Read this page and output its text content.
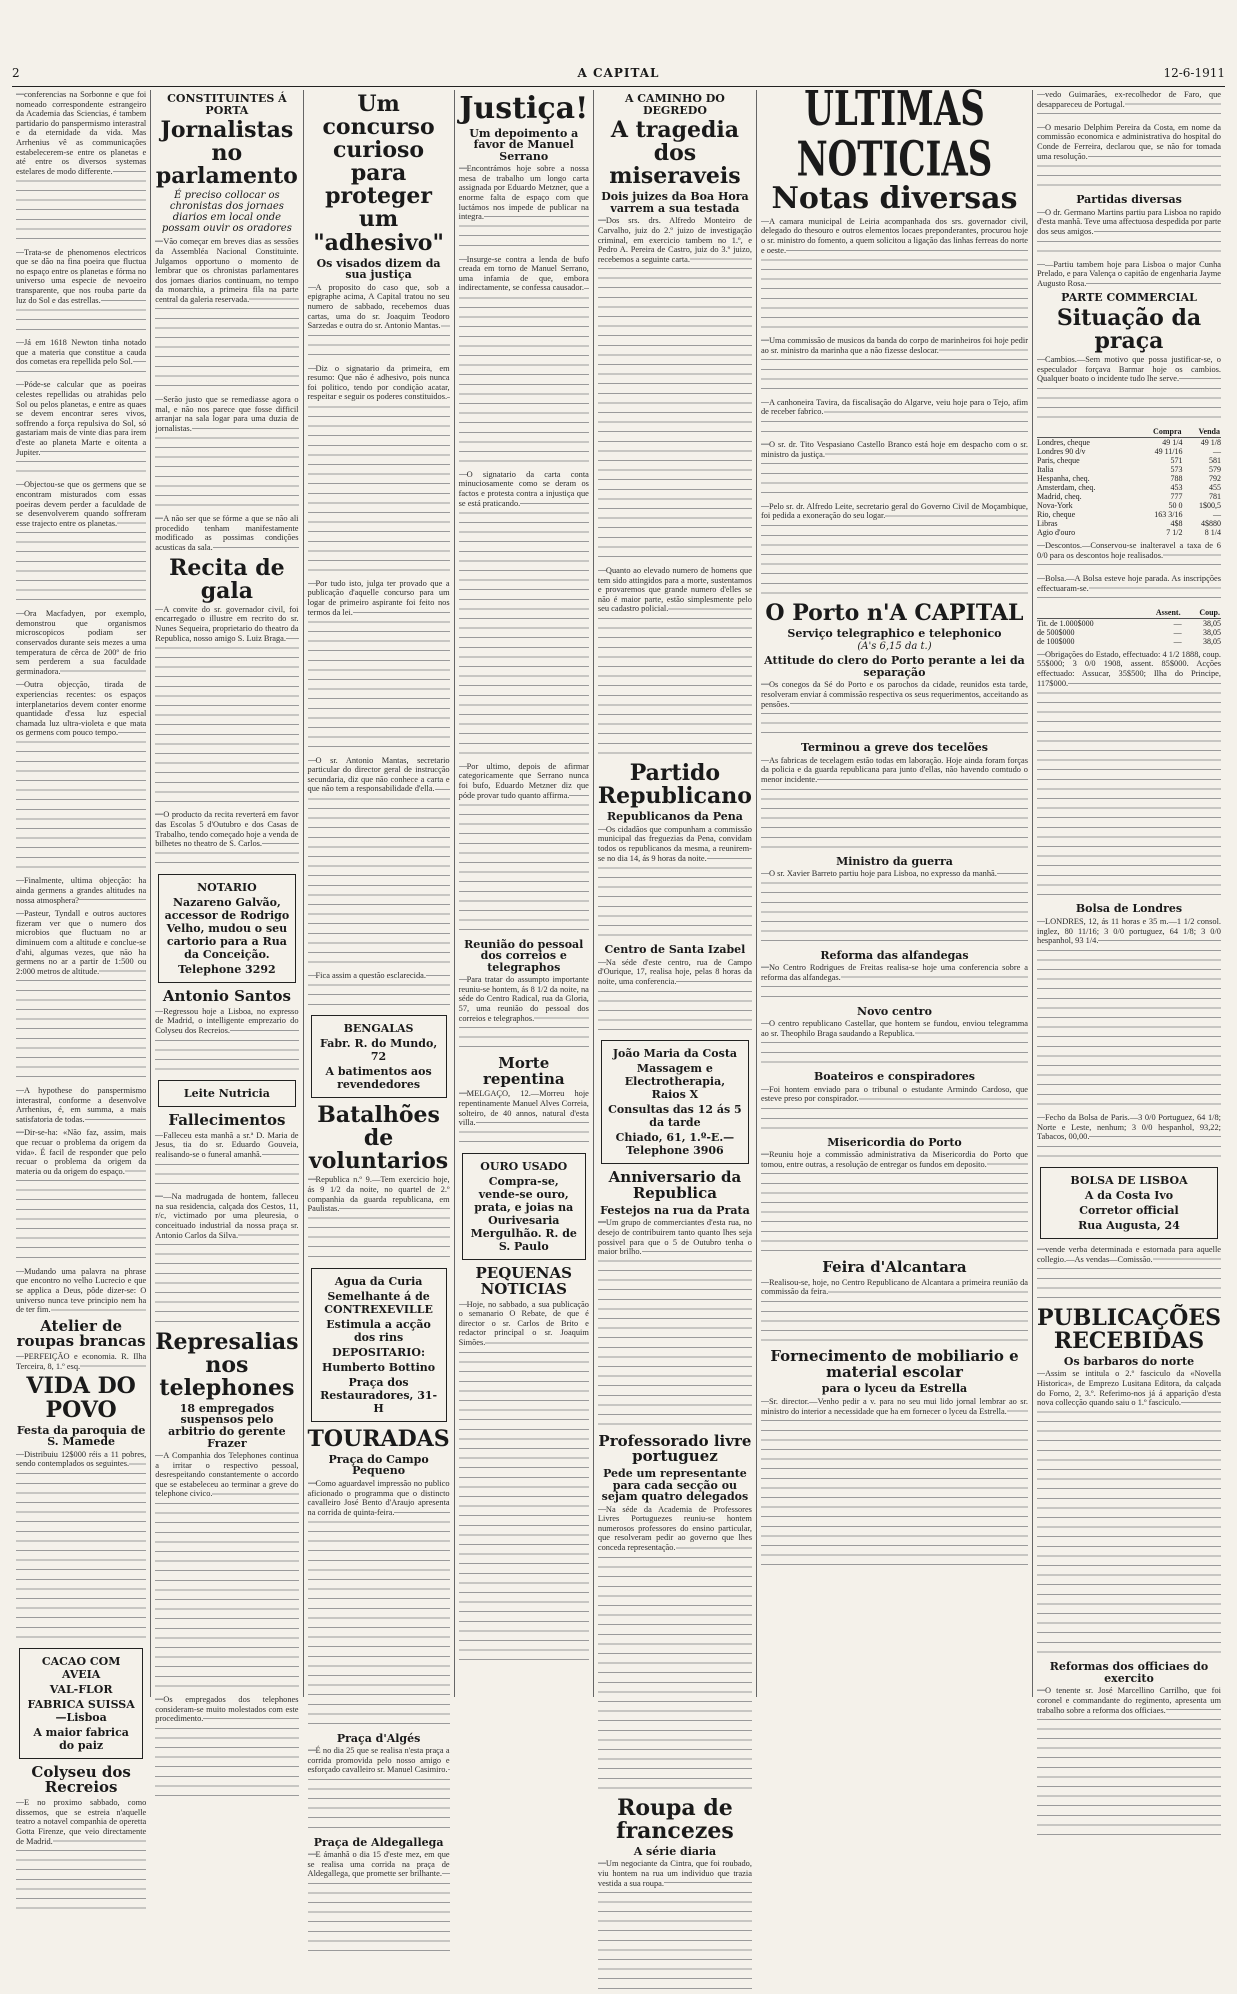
2	A CAPITAL	12-6-1911
conferencias na Sorbonne e que foi nomeado correspondente estrangeiro da Academia das Sciencias, é tambem partidario do panspermismo interastral e da eternidade da vida. Mas Arrhenius vê as communicações estabelecerem-se entre os planetas e até entre os diversos systemas estelares de modo differente.
Trata-se de phenomenos electricos que se dão na fina poeira que fluctua no espaço entre os planetas e fórma no universo uma especie de nevoeiro transparente, que nos rouba parte da luz do Sol e das estrellas.
Já em 1618 Newton tinha notado que a materia que constitue a cauda dos cometas era repellida pelo Sol.
Póde-se calcular que as poeiras celestes repellidas ou atrahidas pelo Sol ou pelos planetas, e entre as quaes se devem encontrar seres vivos, soffrendo a força repulsiva do Sol, só gastariam mais de vinte dias para irem d'este ao planeta Marte e oitenta a Jupiter.
Objectou-se que os germens que se encontram misturados com essas poeiras devem perder a faculdade de se desenvolverem quando soffreram esse trajecto entre os planetas.
Ora Macfadyen, por exemplo, demonstrou que organismos microscopicos podiam ser conservados durante seis mezes a uma temperatura de cêrca de 200º de frio sem perderem a sua faculdade germinadora.
Outra objecção, tirada de experiencias recentes: os espaços interplanetarios devem conter enorme quantidade d'essa luz especial chamada luz ultra-violeta e que mata os germens com pouco tempo.
Finalmente, ultima objecção: ha ainda germens a grandes altitudes na nossa atmosphera?
Pasteur, Tyndall e outros auctores fizeram ver que o numero dos microbios que fluctuam no ar diminuem com a altitude e conclue-se d'ahi, algumas vezes, que não ha germens no ar a partir de 1:500 ou 2:000 metros de altitude.
A hypothese do panspermismo interastral, conforme a desenvolve Arrhenius, é, em summa, a mais satisfatoria de todas.
Dir-se-ha: «Não faz, assim, mais que recuar o problema da origem da vida». É facil de responder que pelo recuar o problema da origem da materia ou da origem do espaço.
Mudando uma palavra na phrase que encontro no velho Lucrecio e que se applica a Deus, pôde dizer-se: O universo nunca teve principio nem ha de ter fim.
Atelier de roupas brancas
PERFEIÇÃO e economia. R. Ilha Terceira, 8, 1.º esq.
VIDA DO POVO
Festa da paroquia de S. Mamede
Distribuiu 12$000 réis a 11 pobres, sendo contemplados os seguintes.
CACAO COM AVEIA
VAL-FLOR
FABRICA SUISSA—Lisboa
A maior fabrica do paiz
Colyseu dos Recreios
E no proximo sabbado, como dissemos, que se estreia n'aquelle teatro a notavel companhia de operetta Gotta Firenze, que veio directamente de Madrid.
CONSTITUINTES Á PORTA
Jornalistas no parlamento
É preciso collocar os chronistas dos jornaes diarios em local onde possam ouvir os oradores
Vão começar em breves dias as sessões da Assembléa Nacional Constituinte. Julgamos opportuno o momento de lembrar que os chronistas parlamentares dos jornaes diarios continuam, no tempo da monarchia, a primeira fila na parte central da galeria reservada.
Serão justo que se remediasse agora o mal, e não nos parece que fosse difficil arranjar na sala logar para uma duzia de jornalistas.
A não ser que se fórme a que se não ali procedido tenham manifestamente modificado as possimas condições acusticas da sala.
Recita de gala
A convite do sr. governador civil, foi encarregado o illustre em recrito do sr. Nunes Sequeira, proprietario do theatro da Republica, nosso amigo S. Luiz Braga.
O producto da recita reverterá em favor das Escolas 5 d'Outubro e dos Casas de Trabalho, tendo começado hoje a venda de bilhetes no theatro de S. Carlos.
NOTARIO
Nazareno Galvão, accessor de Rodrigo Velho, mudou o seu cartorio para a Rua da Conceição.
Telephone 3292
Antonio Santos
Regressou hoje a Lisboa, no expresso de Madrid, o intelligente emprezario do Colyseu dos Recreios.
Leite Nutricia
Fallecimentos
Falleceu esta manhã a sr.ª D. Maria de Jesus, tia do sr. Eduardo Gouveia, realisando-se o funeral amanhã.
—Na madrugada de hontem, falleceu na sua residencia, calçada dos Cestos, 11, r/c, victimado por uma pleuresia, o conceituado industrial da nossa praça sr. Antonio Carlos da Silva.
Represalias nos telephones
18 empregados suspensos pelo arbitrio do gerente Frazer
A Companhia dos Telephones continua a irritar o respectivo pessoal, desrespeitando constantemente o accordo que se estabeleceu ao terminar a greve do telephone civico.
Os empregados dos telephones consideram-se muito molestados com este procedimento.
Um concurso curioso para proteger um "adhesivo"
Os visados dizem da sua justiça
A proposito do caso que, sob a epigraphe acima, A Capital tratou no seu numero de sabbado, recebemos duas cartas, uma do sr. Joaquim Teodoro Sarzedas e outra do sr. Antonio Mantas.
Diz o signatario da primeira, em resumo: Que não é adhesivo, pois nunca foi politico, tendo por condição acatar, respeitar e seguir os poderes constituidos.
Por tudo isto, julga ter provado que a publicação d'aquelle concurso para um logar de primeiro aspirante foi feito nos termos da lei.
O sr. Antonio Mantas, secretario particular do director geral de instrucção secundaria, diz que não conhece a carta e que não tem a responsabilidade d'ella.
Fica assim a questão esclarecida.
BENGALAS
Fabr. R. do Mundo, 72
A batimentos aos revendedores
Batalhões de voluntarios
Republica n.º 9.—Tem exercicio hoje, ás 9 1/2 da noite, no quartel de 2.º companhia da guarda republicana, em Paulistas.
Agua da Curia
Semelhante á de CONTREXEVILLE
Estimula a acção dos rins
DEPOSITARIO:
Humberto Bottino
Praça dos Restauradores, 31-H
TOURADAS
Praça do Campo Pequeno
Como aguardavel impressão no publico aficionado o programma que o distincto cavalleiro José Bento d'Araujo apresenta na corrida de quinta-feira.
Praça d'Algés
É no dia 25 que se realisa n'esta praça a corrida promovida pelo nosso amigo e esforçado cavalleiro sr. Manuel Casimiro.
Praça de Aldegallega
E ámanhã o dia 15 d'este mez, em que se realisa uma corrida na praça de Aldegallega, que promette ser brilhante.
Justiça!
Um depoimento a favor de Manuel Serrano
Encontrámos hoje sobre a nossa mesa de trabalho um longo carta assignada por Eduardo Metzner, que a enorme falta de espaço com que luctámos nos impede de publicar na integra.
Insurge-se contra a lenda de bufo creada em torno de Manuel Serrano, uma infamia de que, embora indirectamente, se confessa causador.
O signatario da carta conta minuciosamente como se deram os factos e protesta contra a injustiça que se está praticando.
Por ultimo, depois de afirmar categoricamente que Serrano nunca foi bufo, Eduardo Metzner diz que póde provar tudo quanto affirma.
Reunião do pessoal dos correios e telegraphos
Para tratar do assumpto importante reuniu-se hontem, ás 8 1/2 da noite, na séde do Centro Radical, rua da Gloria, 57, uma reunião do pessoal dos correios e telegraphos.
Morte repentina
MELGAÇO, 12.—Morreu hoje repentinamente Manuel Alves Correia, solteiro, de 40 annos, natural d'esta villa.
OURO USADO
Compra-se, vende-se ouro, prata, e joias na Ourivesaria Mergulhão. R. de S. Paulo
PEQUENAS NOTICIAS
Hoje, no sabbado, a sua publicação o semanario O Rebate, de que é director o sr. Carlos de Brito e redactor principal o sr. Joaquim Simões.
A CAMINHO DO DEGREDO
A tragedia dos miseraveis
Dois juizes da Boa Hora varrem a sua testada
Dos srs. drs. Alfredo Monteiro de Carvalho, juiz do 2.º juizo de investigação criminal, em exercicio tambem no 1.º, e Pedro A. Pereira de Castro, juiz do 3.º juizo, recebemos a seguinte carta.
Quanto ao elevado numero de homens que tem sido attingidos para a morte, sustentamos e provaremos que grande numero d'elles se não é maior parte, estão simplesmente pelo seu cadastro policial.
Partido Republicano
Republicanos da Pena
Os cidadãos que compunham a commissão municipal das freguezias da Pena, convidam todos os republicanos da mesma, a reunirem-se no dia 14, ás 9 horas da noite.
Centro de Santa Izabel
Na séde d'este centro, rua de Campo d'Ourique, 17, realisa hoje, pelas 8 horas da noite, uma conferencia.
João Maria da Costa
Massagem e Electrotherapia, Raios X
Consultas das 12 ás 5 da tarde
Chiado, 61, 1.º-E.—Telephone 3906
Anniversario da Republica
Festejos na rua da Prata
Um grupo de commerciantes d'esta rua, no desejo de contribuirem tanto quanto lhes seja possivel para que o 5 de Outubro tenha o maior brilho.
Professorado livre portuguez
Pede um representante para cada secção ou sejam quatro delegados
Na séde da Academia de Professores Livres Portuguezes reuniu-se hontem numerosos professores do ensino particular, que resolveram pedir ao governo que lhes conceda representação.
Roupa de francezes
A série diaria
Um negociante da Cintra, que foi roubado, viu hontem na rua um individuo que trazia vestida a sua roupa.
ULTIMAS NOTICIAS
Notas diversas
A camara municipal de Leiria acompanhada dos srs. governador civil, delegado do thesouro e outros elementos locaes preponderantes, procurou hoje o sr. ministro do fomento, a quem solicitou a ligação das linhas ferreas do norte e oeste.
Uma commissão de musicos da banda do corpo de marinheiros foi hoje pedir ao sr. ministro da marinha que a não fizesse deslocar.
A canhoneira Tavira, da fiscalisação do Algarve, veiu hoje para o Tejo, afim de receber fabrico.
O sr. dr. Tito Vespasiano Castello Branco está hoje em despacho com o sr. ministro da justiça.
Pelo sr. dr. Alfredo Leite, secretario geral do Governo Civil de Moçambique, foi pedida a exoneração do seu logar.
O Porto n'A CAPITAL
Serviço telegraphico e telephonico
(A's 6,15 da t.)
Attitude do clero do Porto perante a lei da separação
Os conegos da Sé do Porto e os parochos da cidade, reunidos esta tarde, resolveram enviar á commissão respectiva os seus requerimentos, acceitando as pensões.
Terminou a greve dos tecelões
As fabricas de tecelagem estão todas em laboração. Hoje ainda foram forças da policia e da guarda republicana para junto d'ellas, não havendo comtudo o menor incidente.
Ministro da guerra
O sr. Xavier Barreto partiu hoje para Lisboa, no expresso da manhã.
Reforma das alfandegas
No Centro Rodrigues de Freitas realisa-se hoje uma conferencia sobre a reforma das alfandegas.
Novo centro
O centro republicano Castellar, que hontem se fundou, enviou telegramma ao sr. Theophilo Braga saudando a Republica.
Boateiros e conspiradores
Foi hontem enviado para o tribunal o estudante Armindo Cardoso, que esteve preso por conspirador.
Misericordia do Porto
Reuniu hoje a commissão administrativa da Misericordia do Porto que tomou, entre outras, a resolução de entregar os fundos em deposito.
Feira d'Alcantara
Realisou-se, hoje, no Centro Republicano de Alcantara a primeira reunião da commissão da feira.
Fornecimento de mobiliario e material escolar
para o lyceu da Estrella
Sr. director.—Venho pedir a v. para no seu mui lido jornal lembrar ao sr. ministro do interior a necessidade que ha em fornecer o lyceu da Estrella.
vedo Guimarães, ex-recolhedor de Faro, que desappareceu de Portugal.
O mesario Delphim Pereira da Costa, em nome da commissão economica e administrativa do hospital do Conde de Ferreira, declarou que, se não for tomada uma resolução.
Partidas diversas
O dr. Germano Martins partiu para Lisboa no rapido d'esta manhã. Teve uma affectuosa despedida por parte dos seus amigos.
—Partiu tambem hoje para Lisboa o major Cunha Prelado, e para Valença o capitão de engenharia Jayme Augusto Rosa.
PARTE COMMERCIAL
Situação da praça
Cambios.—Sem motivo que possa justificar-se, o especulador forçava Barmar hoje os cambios. Qualquer boato o incidente tudo lhe serve.
	Compra	Venda
Londres, cheque	49 1/4	49 1/8
Londres 90 d/v	49 11/16	—
Paris, cheque	571	581
Italia	573	579
Hespanha, cheq.	788	792
Amsterdam, cheq.	453	455
Madrid, cheq.	777	781
Nova-York	50 0	1$00,5
Rio, cheque	163 3/16	—
Libras	4$8	4$880
Agio d'ouro	7 1/2	8 1/4
Descontos.—Conservou-se inalteravel a taxa de 6 0/0 para os descontos hoje realisados.
Bolsa.—A Bolsa esteve hoje parada. As inscripções effectuaram-se.
	Assent.	Coup.
Tit. de 1.000$000	—	38,05
de 500$000	—	38,05
de 100$000	—	38,05
Obrigações do Estado, effectuado: 4 1/2 1888, coup. 55$000; 3 0/0 1908, assent. 85$000. Acções effectuado: Assucar, 35$500; Ilha do Principe, 117$000.
Bolsa de Londres
LONDRES, 12, ás 11 horas e 35 m.—1 1/2 consol. inglez, 80 11/16; 3 0/0 portuguez, 64 1/8; 3 0/0 hespanhol, 93 1/4.
Fecho da Bolsa de Paris.—3 0/0 Portuguez, 64 1/8; Norte e Leste, nenhum; 3 0/0 hespanhol, 93,22; Tabacos, 00,00.
BOLSA DE LISBOA
A da Costa Ivo
Corretor official
Rua Augusta, 24
vende verba determinada e estornada para aquelle collegio.—As vendas—Comissão.
PUBLICAÇÕES RECEBIDAS
Os barbaros do norte
Assim se intitula o 2.º fasciculo da «Novella Historica», de Emprezo Lusitana Editora, da calçada do Forno, 2, 3.º. Referimo-nos já á apparição d'esta nova collecção quando saiu o 1.º fasciculo.
Reformas dos officiaes do exercito
O tenente sr. José Marcellino Carrilho, que foi coronel e commandante do regimento, apresenta um trabalho sobre a reforma dos officiaes.
